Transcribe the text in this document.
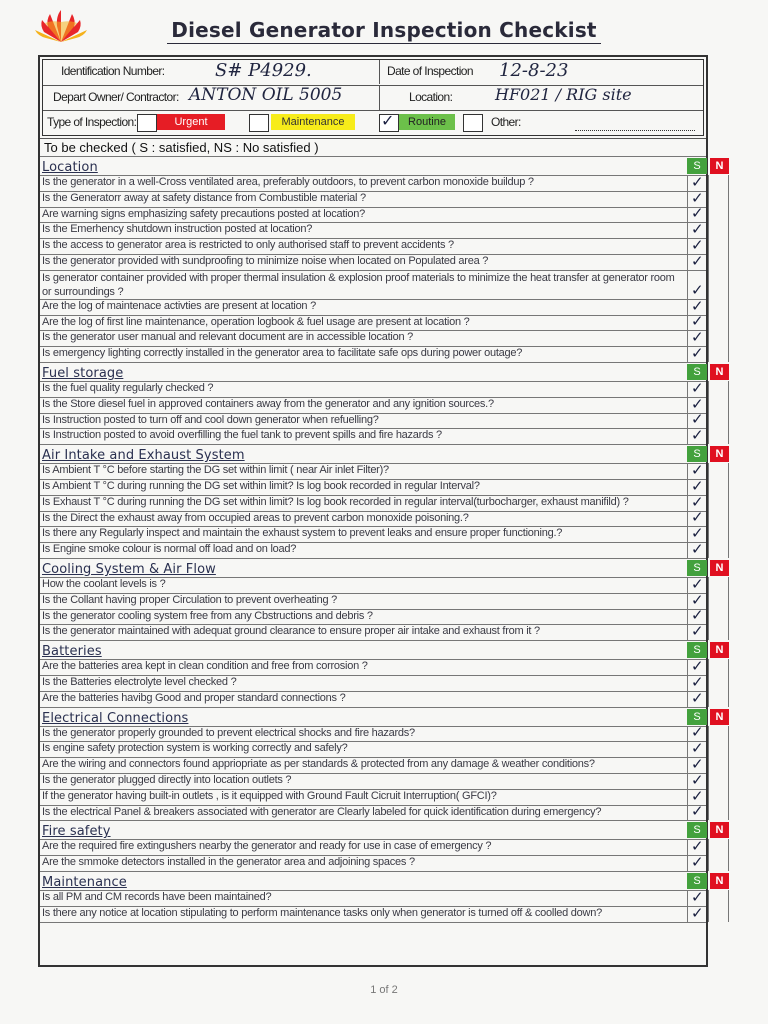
Diesel Generator Inspection Checkist
Identification Number:	S# P4929.	Date of Inspection 12-8-23
Depart Owner/ Contractor: ANTON OIL 5005	Location:	HF021 / RIG site
Type of Inspection:	Urgent	Maintenance	✓	Routine	Other:
To be checked ( S : satisfied, NS : No satisfied )
Location	S	N
Is the generator in a well-Cross ventilated area, preferably outdoors, to prevent carbon monoxide buildup ?	✓
Is the Generatorr away at safety distance from Combustible material ?	✓
Are warning signs emphasizing safety precautions posted at location?	✓
Is the Emerhency shutdown instruction posted at location?	✓
Is the access to generator area is restricted to only authorised staff to prevent accidents ?	✓
Is the generator provided with sundproofing to minimize noise when located on Populated area ?	✓
Is generator container provided with proper thermal insulation & explosion proof materials to minimize the heat transfer at generator room or surroundings ?	✓
Are the log of maintenace activties are present at location ?	✓
Are the log of first line maintenance, operation logbook & fuel usage are present at location ?	✓
Is the generator user manual and relevant document are in accessible location ?	✓
Is emergency lighting correctly installed in the generator area to facilitate safe ops during power outage?	✓
Fuel storage	S	N
Is the fuel quality regularly checked ?	✓
Is the Store diesel fuel in approved containers away from the generator and any ignition sources.?	✓
Is Instruction posted to turn off and cool down generator when refuelling?	✓
Is Instruction posted to avoid overfilling the fuel tank to prevent spills and fire hazards ?	✓
Air Intake and Exhaust System	S	N
Is Ambient T °C before starting the DG set within limit ( near Air inlet Filter)?	✓
Is Ambient T °C during running the DG set within limit? Is log book recorded in regular Interval?	✓
Is Exhaust T °C during running the DG set within limit? Is log book recorded in regular interval(turbocharger, exhaust manifild) ?	✓
Is the Direct the exhaust away from occupied areas to prevent carbon monoxide poisoning.?	✓
Is there any Regularly inspect and maintain the exhaust system to prevent leaks and ensure proper functioning.?	✓
Is Engine smoke colour is normal off load and on load?	✓
Cooling System & Air Flow	S	N
How the coolant levels is ?	✓
Is the Collant having proper Circulation to prevent overheating ?	✓
Is the generator cooling system free from any Cbstructions and debris ?	✓
Is the generator maintained with adequat ground clearance to ensure proper air intake and exhaust from it ?	✓
Batteries	S	N
Are the batteries area kept in clean condition and free from corrosion ?	✓
Is the Batteries electrolyte level checked ?	✓
Are the batteries havibg Good and proper standard connections ?	✓
Electrical Connections	S	N
Is the generator properly grounded to prevent electrical shocks and fire hazards?	✓
Is engine safety protection system is working correctly and safely?	✓
Are the wiring and connectors found appriopriate as per standards & protected from any damage & weather conditions?	✓
Is the generator plugged directly into location outlets ?	✓
If the generator having built-in outlets , is it equipped with Ground Fault Cicruit Interruption( GFCI)?	✓
Is the electrical Panel & breakers associated with generator are Clearly labeled for quick identification during emergency?	✓
Fire safety	S	N
Are the required fire extingushers nearby the generator and ready for use in case of emergency ?	✓
Are the smmoke detectors installed in the generator area and adjoining spaces ?	✓
Maintenance	S	N
Is all PM and CM records have been maintained?	✓
Is there any notice at location stipulating to perform maintenance tasks only when generator is turned off & coolled down?	✓
1 of 2
